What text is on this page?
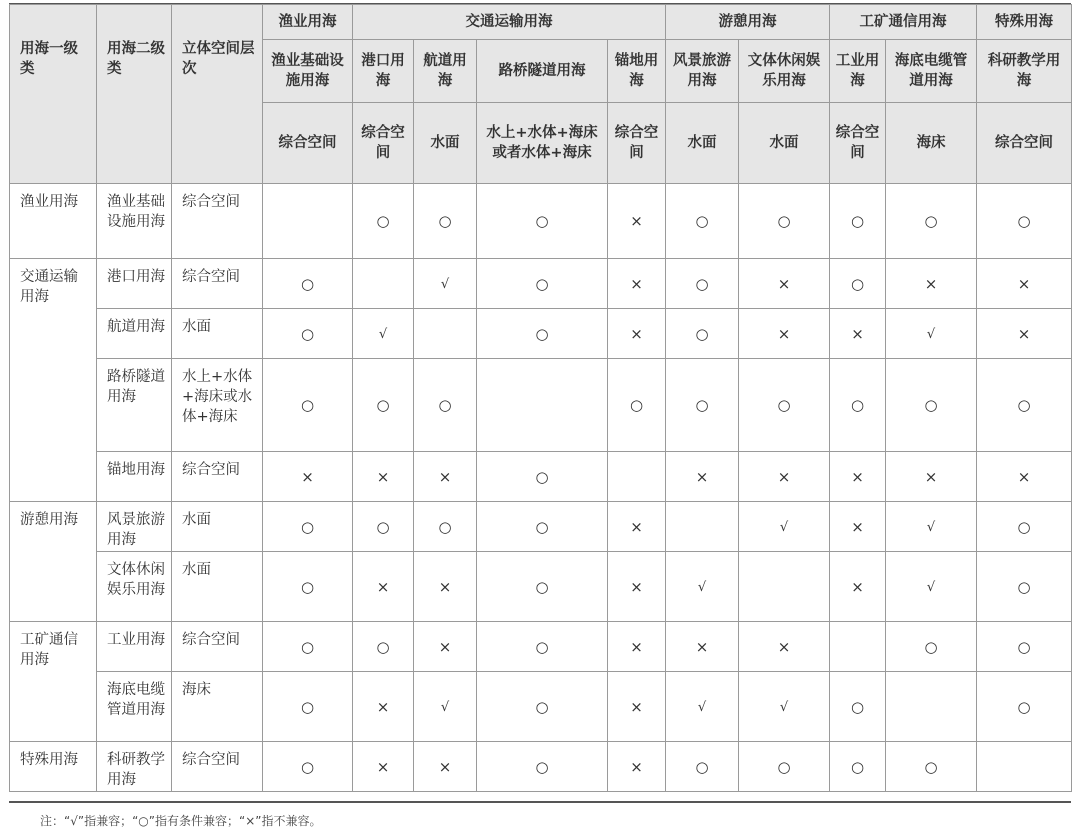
用海一级类	用海二级类	立体空间层次	渔业用海	交通运输用海				游憩用海		工矿通信用海		特殊用海
			渔业基础设施用海	港口用海	航道用海	路桥隧道用海	锚地用海	风景旅游用海	文体休闲娱乐用海	工业用海	海底电缆管道用海	科研教学用海
			综合空间	综合空间	水面	水上+水体+海床或者水体+海床	综合空间	水面	水面	综合空间	海床	综合空间
渔业用海	渔业基础设施用海	综合空间		○	○	○	×	○	○	○	○	○
交通运输用海	港口用海	综合空间	○		√	○	×	○	×	○	×	×
	航道用海	水面	○	√		○	×	○	×	×	√	×
	路桥隧道用海	水上+水体+海床或水体+海床	○	○	○		○	○	○	○	○	○
	锚地用海	综合空间	×	×	×	○		×	×	×	×	×
游憩用海	风景旅游用海	水面	○	○	○	○	×		√	×	√	○
	文体休闲娱乐用海	水面	○	×	×	○	×	√		×	√	○
工矿通信用海	工业用海	综合空间	○	○	×	○	×	×	×		○	○
	海底电缆管道用海	海床	○	×	√	○	×	√	√	○		○
特殊用海	科研教学用海	综合空间	○	×	×	○	×	○	○	○	○	
注：“√”指兼容；“○”指有条件兼容；“×”指不兼容。
